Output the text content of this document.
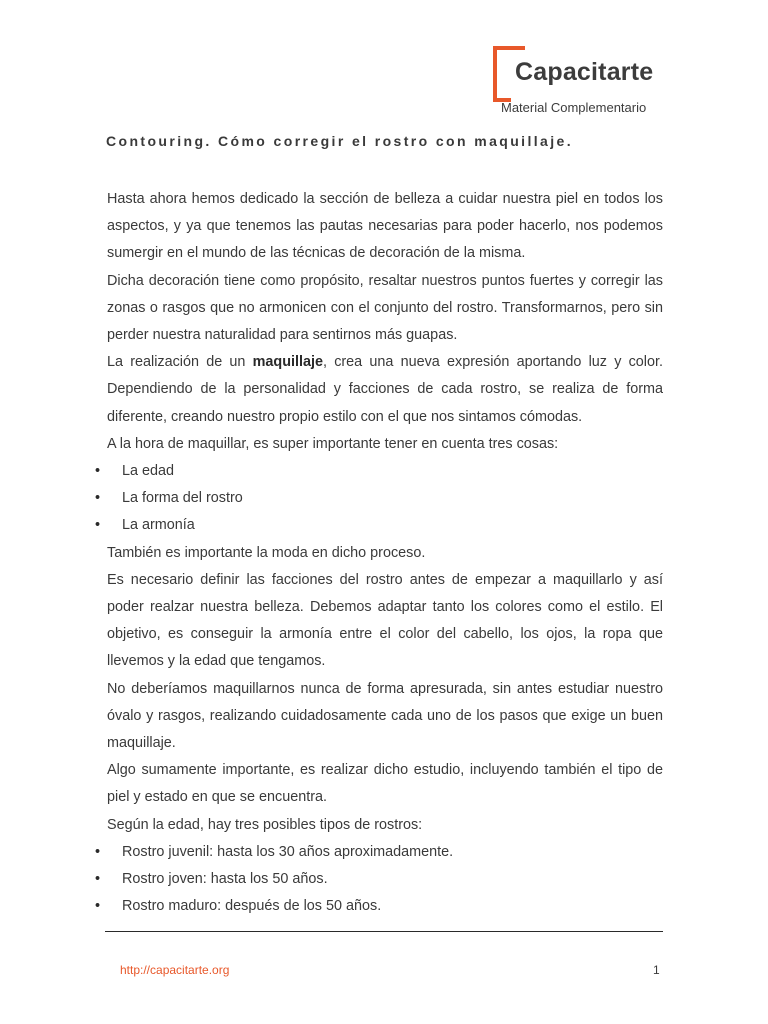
Capacitarte
Material Complementario
Contouring. Cómo corregir el rostro con maquillaje.

Hasta ahora hemos dedicado la sección de belleza a cuidar nuestra piel en todos los aspectos, y ya que tenemos las pautas necesarias para poder hacerlo, nos podemos sumergir en el mundo de las técnicas de decoración de la misma.

Dicha decoración tiene como propósito, resaltar nuestros puntos fuertes y corregir las zonas o rasgos que no armonicen con el conjunto del rostro. Transformarnos, pero sin perder nuestra naturalidad para sentirnos más guapas.

La realización de un maquillaje, crea una nueva expresión aportando luz y color. Dependiendo de la personalidad y facciones de cada rostro, se realiza de forma diferente, creando nuestro propio estilo con el que nos sintamos cómodas.

A la hora de maquillar, es super importante tener en cuenta tres cosas:

• La edad
• La forma del rostro
• La armonía

También es importante la moda en dicho proceso.

Es necesario definir las facciones del rostro antes de empezar a maquillarlo y así poder realzar nuestra belleza. Debemos adaptar tanto los colores como el estilo. El objetivo, es conseguir la armonía entre el color del cabello, los ojos, la ropa que llevemos y la edad que tengamos.

No deberíamos maquillarnos nunca de forma apresurada, sin antes estudiar nuestro óvalo y rasgos, realizando cuidadosamente cada uno de los pasos que exige un buen maquillaje.

Algo sumamente importante, es realizar dicho estudio, incluyendo también el tipo de piel y estado en que se encuentra.

Según la edad, hay tres posibles tipos de rostros:

• Rostro juvenil: hasta los 30 años aproximadamente.
• Rostro joven: hasta los 50 años.
• Rostro maduro: después de los 50 años.
http://capacitarte.org	1
